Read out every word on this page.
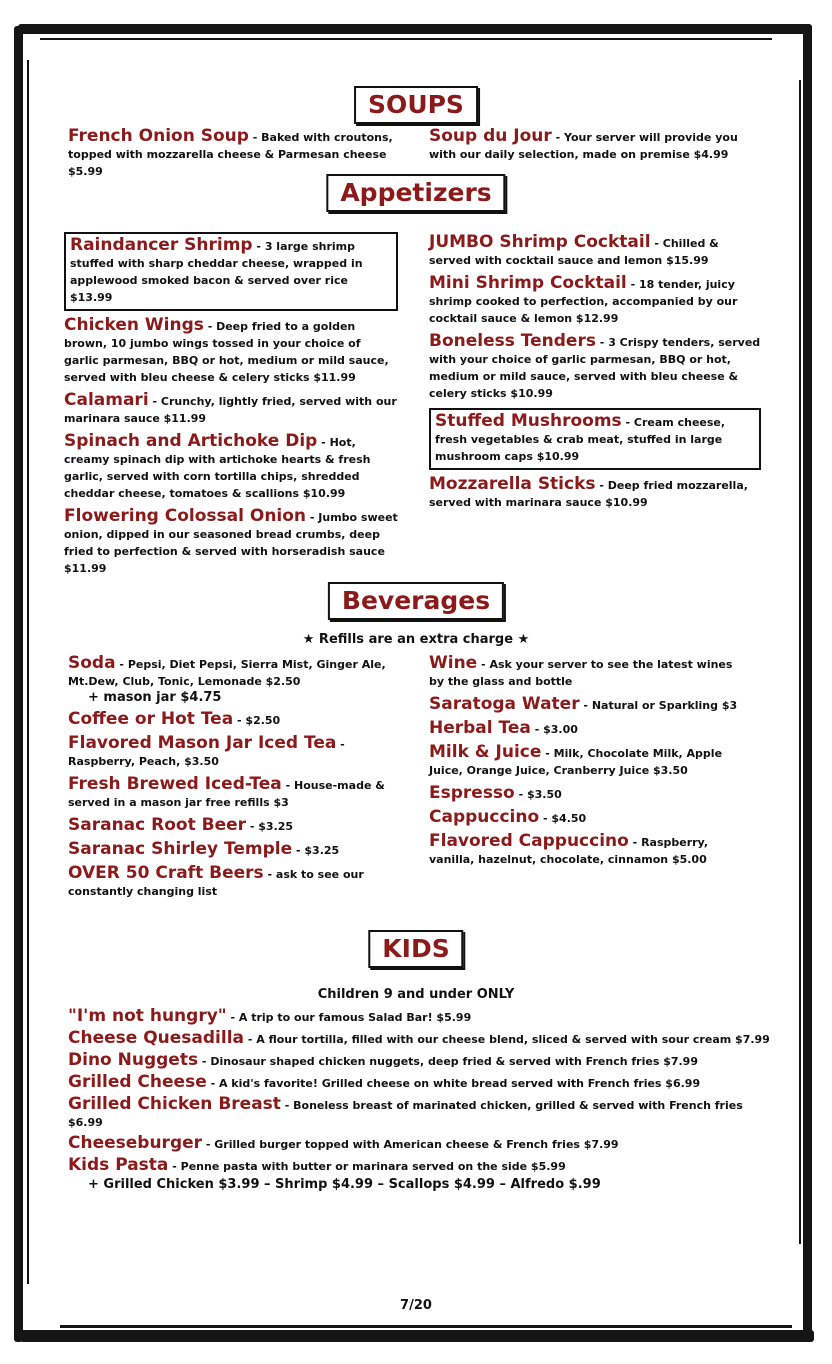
SOUPS
French Onion Soup - Baked with croutons, topped with mozzarella cheese & Parmesan cheese $5.99
Soup du Jour - Your server will provide you with our daily selection, made on premise $4.99
Appetizers
Raindancer Shrimp - 3 large shrimp stuffed with sharp cheddar cheese, wrapped in applewood smoked bacon & served over rice $13.99
Chicken Wings - Deep fried to a golden brown, 10 jumbo wings tossed in your choice of garlic parmesan, BBQ or hot, medium or mild sauce, served with bleu cheese & celery sticks $11.99
Calamari - Crunchy, lightly fried, served with our marinara sauce $11.99
Spinach and Artichoke Dip - Hot, creamy spinach dip with artichoke hearts & fresh garlic, served with corn tortilla chips, shredded cheddar cheese, tomatoes & scallions $10.99
Flowering Colossal Onion - Jumbo sweet onion, dipped in our seasoned bread crumbs, deep fried to perfection & served with horseradish sauce $11.99
JUMBO Shrimp Cocktail - Chilled & served with cocktail sauce and lemon $15.99
Mini Shrimp Cocktail - 18 tender, juicy shrimp cooked to perfection, accompanied by our cocktail sauce & lemon $12.99
Boneless Tenders - 3 Crispy tenders, served with your choice of garlic parmesan, BBQ or hot, medium or mild sauce, served with bleu cheese & celery sticks $10.99
Stuffed Mushrooms - Cream cheese, fresh vegetables & crab meat, stuffed in large mushroom caps $10.99
Mozzarella Sticks - Deep fried mozzarella, served with marinara sauce $10.99
Beverages
★ Refills are an extra charge ★
Soda - Pepsi, Diet Pepsi, Sierra Mist, Ginger Ale, Mt.Dew, Club, Tonic, Lemonade $2.50
+ mason jar $4.75
Coffee or Hot Tea - $2.50
Flavored Mason Jar Iced Tea - Raspberry, Peach, $3.50
Fresh Brewed Iced-Tea - House-made & served in a mason jar free refills $3
Saranac Root Beer - $3.25
Saranac Shirley Temple - $3.25
OVER 50 Craft Beers - ask to see our constantly changing list
Wine - Ask your server to see the latest wines by the glass and bottle
Saratoga Water - Natural or Sparkling $3
Herbal Tea - $3.00
Milk & Juice - Milk, Chocolate Milk, Apple Juice, Orange Juice, Cranberry Juice $3.50
Espresso - $3.50
Cappuccino - $4.50
Flavored Cappuccino - Raspberry, vanilla, hazelnut, chocolate, cinnamon $5.00
KIDS
Children 9 and under ONLY
"I'm not hungry" - A trip to our famous Salad Bar! $5.99
Cheese Quesadilla - A flour tortilla, filled with our cheese blend, sliced & served with sour cream $7.99
Dino Nuggets - Dinosaur shaped chicken nuggets, deep fried & served with French fries $7.99
Grilled Cheese - A kid's favorite! Grilled cheese on white bread served with French fries $6.99
Grilled Chicken Breast - Boneless breast of marinated chicken, grilled & served with French fries $6.99
Cheeseburger - Grilled burger topped with American cheese & French fries $7.99
Kids Pasta - Penne pasta with butter or marinara served on the side $5.99
+ Grilled Chicken $3.99 – Shrimp $4.99 – Scallops $4.99 – Alfredo $.99
7/20
